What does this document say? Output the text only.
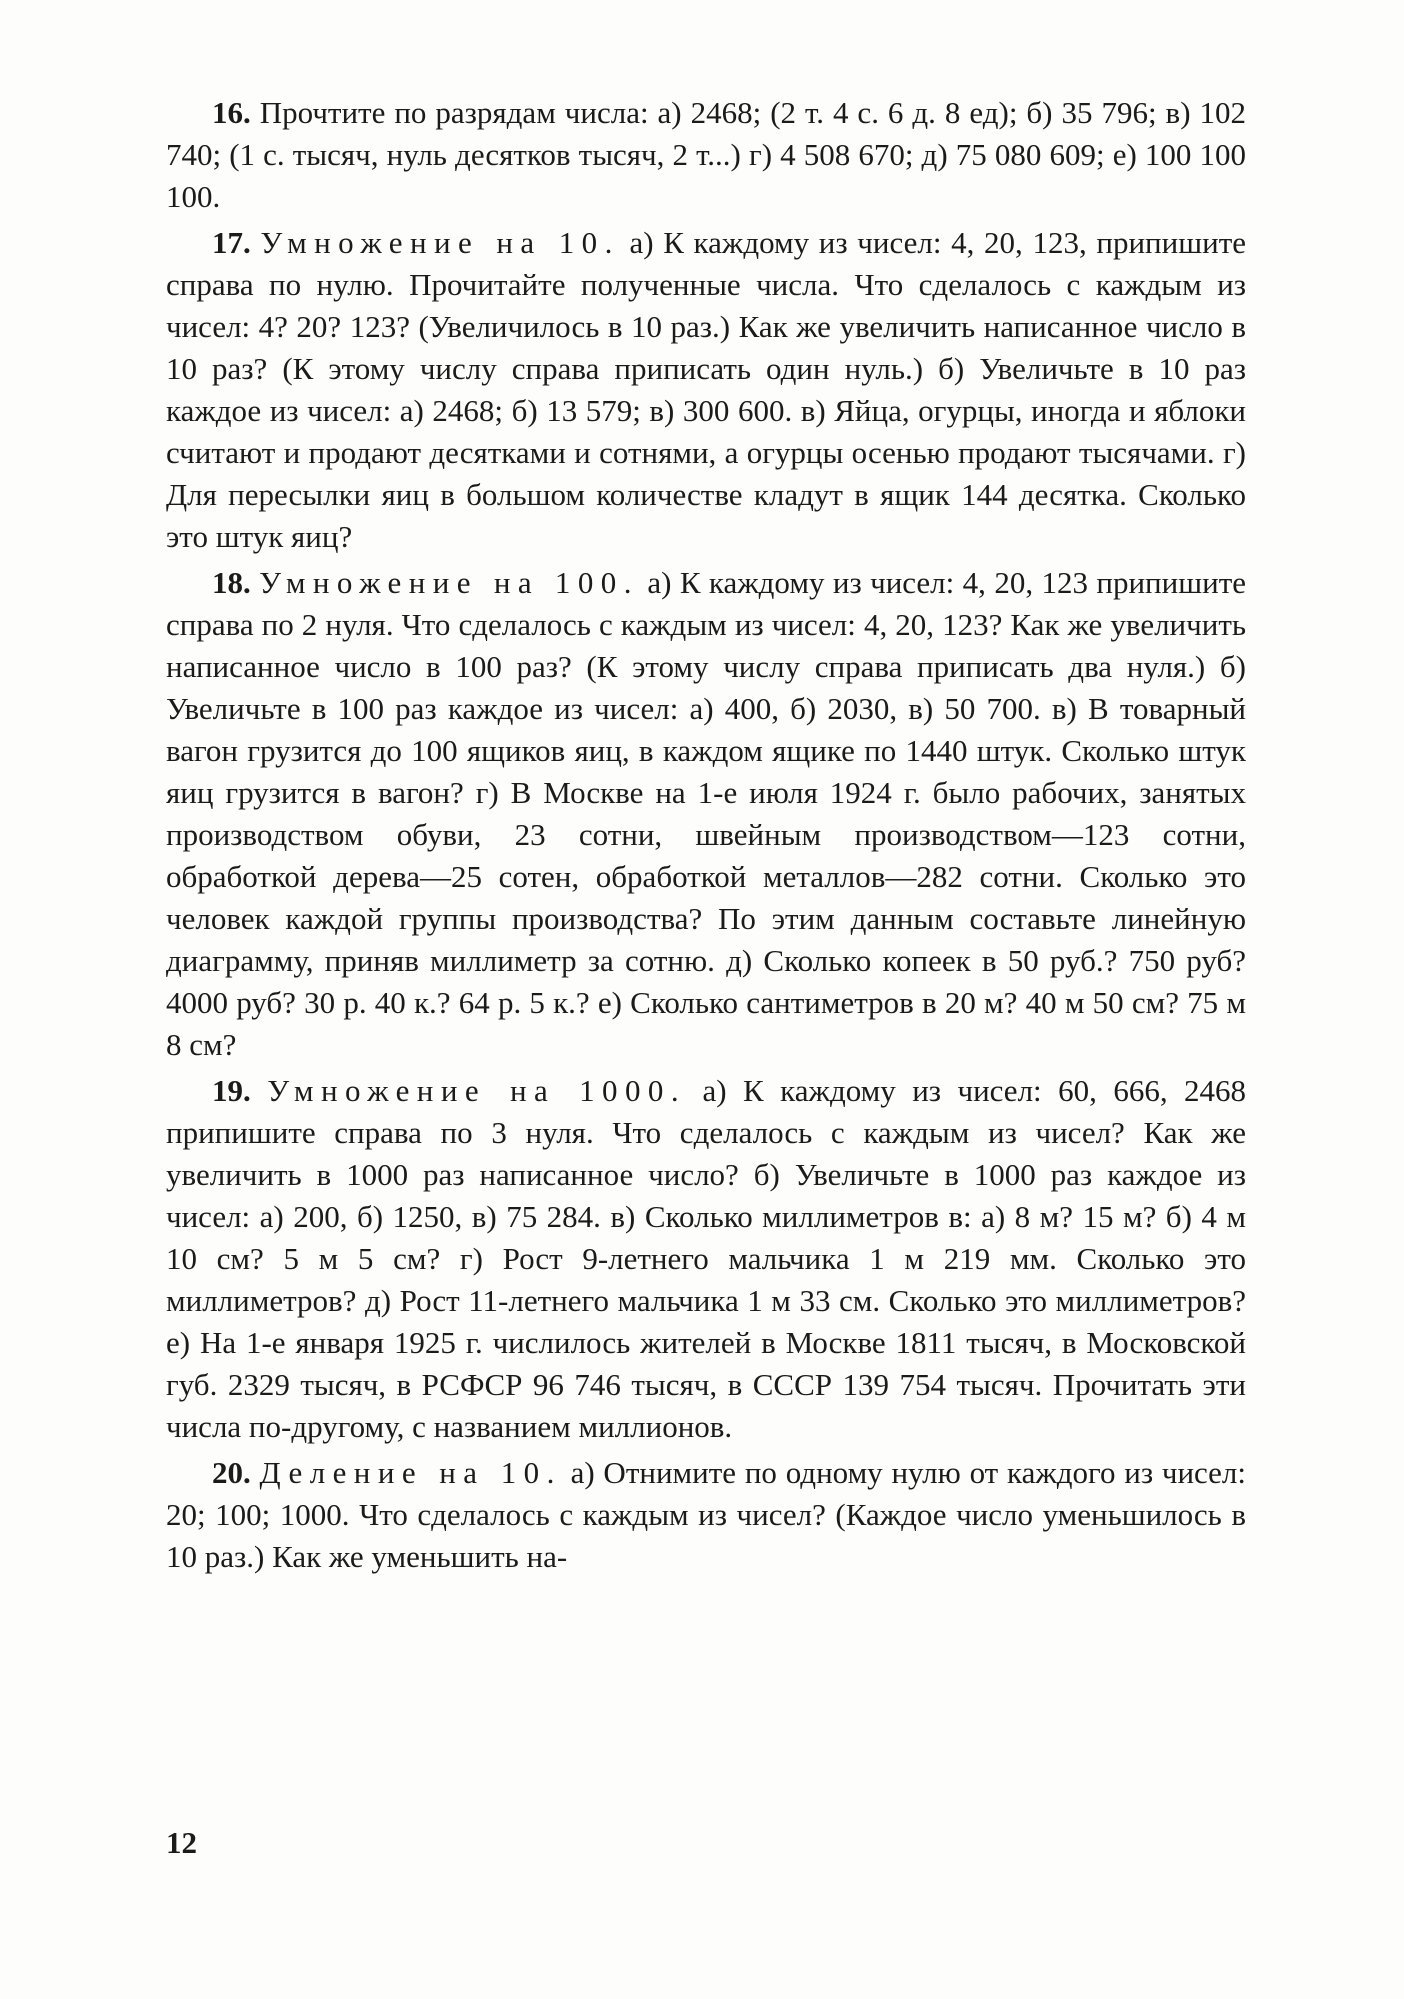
16. Прочтите по разрядам числа: а) 2468; (2 т. 4 с. 6 д. 8 ед); б) 35 796; в) 102 740; (1 с. тысяч, нуль десятков тысяч, 2 т...) г) 4 508 670; д) 75 080 609; е) 100 100 100.

17. Умножение на 10. а) К каждому из чисел: 4, 20, 123, припишите справа по нулю. Прочитайте полученные числа. Что сделалось с каждым из чисел: 4? 20? 123? (Увеличилось в 10 раз.) Как же увеличить написанное число в 10 раз? (К этому числу справа приписать один нуль.) б) Увеличьте в 10 раз каждое из чисел: а) 2468; б) 13 579; в) 300 600. в) Яйца, огурцы, иногда и яблоки считают и продают десятками и сотнями, а огурцы осенью продают тысячами. г) Для пересылки яиц в большом количестве кладут в ящик 144 десятка. Сколько это штук яиц?

18. Умножение на 100. а) К каждому из чисел: 4, 20, 123 припишите справа по 2 нуля. Что сделалось с каждым из чисел: 4, 20, 123? Как же увеличить написанное число в 100 раз? (К этому числу справа приписать два нуля.) б) Увеличьте в 100 раз каждое из чисел: а) 400, б) 2030, в) 50 700. в) В товарный вагон грузится до 100 ящиков яиц, в каждом ящике по 1440 штук. Сколько штук яиц грузится в вагон? г) В Москве на 1-е июля 1924 г. было рабочих, занятых производством обуви, 23 сотни, швейным производством—123 сотни, обработкой дерева—25 сотен, обработкой металлов—282 сотни. Сколько это человек каждой группы производства? По этим данным составьте линейную диаграмму, приняв миллиметр за сотню. д) Сколько копеек в 50 руб.? 750 руб? 4000 руб? 30 р. 40 к.? 64 р. 5 к.? е) Сколько сантиметров в 20 м? 40 м 50 см? 75 м 8 см?

19. Умножение на 1000. а) К каждому из чисел: 60, 666, 2468 припишите справа по 3 нуля. Что сделалось с каждым из чисел? Как же увеличить в 1000 раз написанное число? б) Увеличьте в 1000 раз каждое из чисел: а) 200, б) 1250, в) 75 284. в) Сколько миллиметров в: а) 8 м? 15 м? б) 4 м 10 см? 5 м 5 см? г) Рост 9-летнего мальчика 1 м 219 мм. Сколько это миллиметров? д) Рост 11-летнего мальчика 1 м 33 см. Сколько это миллиметров? е) На 1-е января 1925 г. числилось жителей в Москве 1811 тысяч, в Московской губ. 2329 тысяч, в РСФСР 96 746 тысяч, в СССР 139 754 тысяч. Прочитать эти числа по-другому, с названием миллионов.

20. Деление на 10. а) Отнимите по одному нулю от каждого из чисел: 20; 100; 1000. Что сделалось с каждым из чисел? (Каждое число уменьшилось в 10 раз.) Как же уменьшить на-

12
